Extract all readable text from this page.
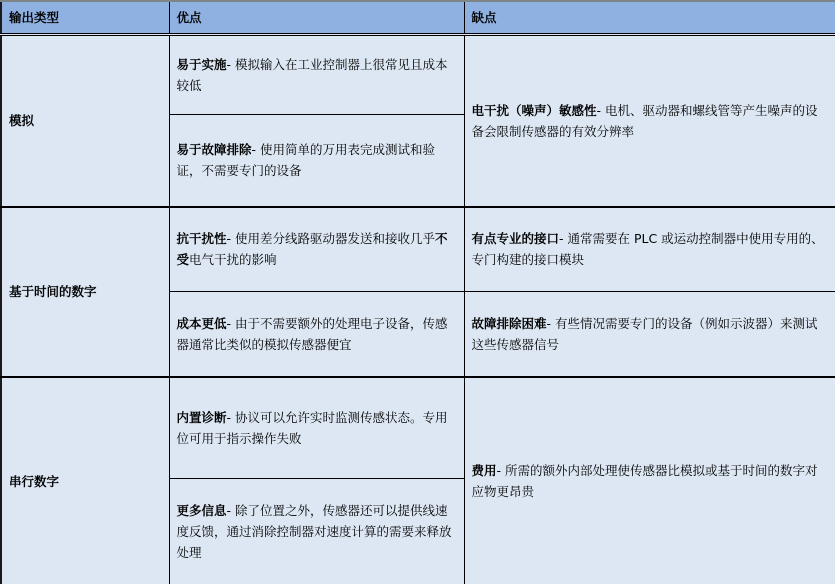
输出类型	优点	缺点
模拟	易于实施- 模拟输入在工业控制器上很常见且成本较低	电干扰（噪声）敏感性- 电机、驱动器和螺线管等产生噪声的设备会限制传感器的有效分辨率
	易于故障排除- 使用简单的万用表完成测试和验证，不需要专门的设备	
基于时间的数字	抗干扰性- 使用差分线路驱动器发送和接收几乎不受电气干扰的影响	有点专业的接口- 通常需要在 PLC 或运动控制器中使用专用的、专门构建的接口模块
	成本更低- 由于不需要额外的处理电子设备，传感器通常比类似的模拟传感器便宜	故障排除困难- 有些情况需要专门的设备（例如示波器）来测试这些传感器信号
串行数字	内置诊断- 协议可以允许实时监测传感状态。专用位可用于指示操作失败	费用- 所需的额外内部处理使传感器比模拟或基于时间的数字对应物更昂贵
	更多信息- 除了位置之外，传感器还可以提供线速度反馈，通过消除控制器对速度计算的需要来释放处理	
